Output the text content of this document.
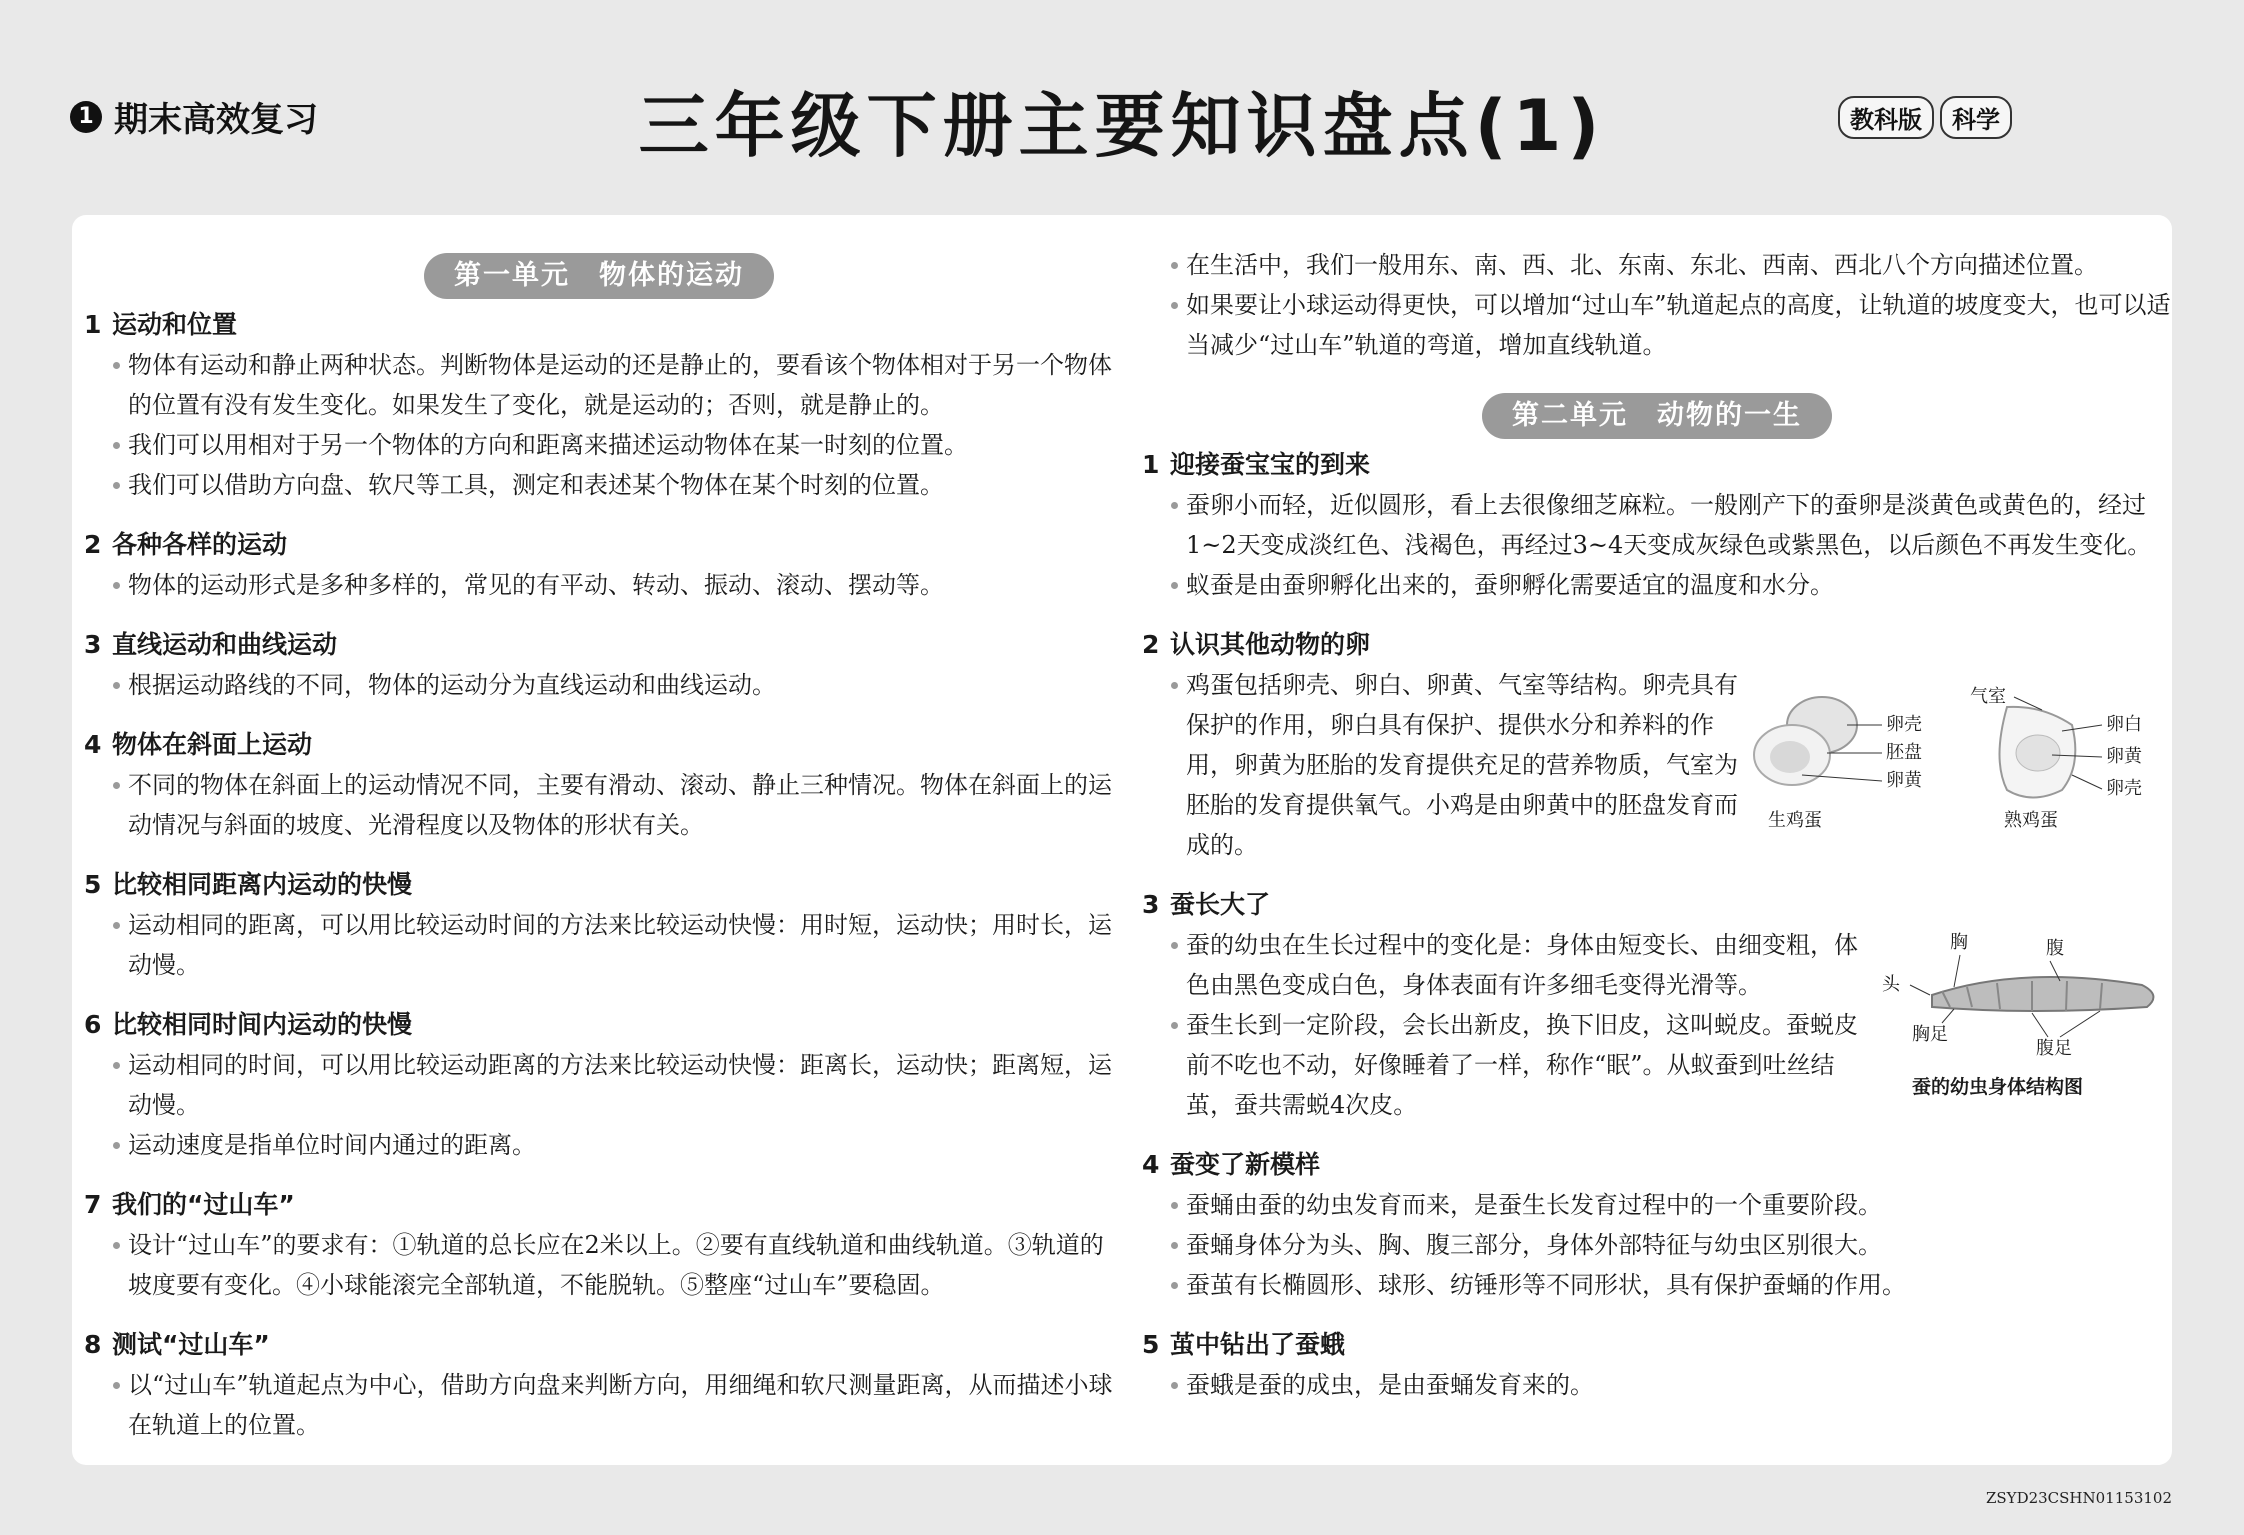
1 期末高效复习	三年级下册主要知识盘点(1)	教科版	科学
第一单元　物体的运动
1 运动和位置
物体有运动和静止两种状态。判断物体是运动的还是静止的，要看该个物体相对于另一个物体的位置有没有发生变化。如果发生了变化，就是运动的；否则，就是静止的。
我们可以用相对于另一个物体的方向和距离来描述运动物体在某一时刻的位置。
我们可以借助方向盘、软尺等工具，测定和表述某个物体在某个时刻的位置。
2 各种各样的运动
物体的运动形式是多种多样的，常见的有平动、转动、振动、滚动、摆动等。
3 直线运动和曲线运动
根据运动路线的不同，物体的运动分为直线运动和曲线运动。
4 物体在斜面上运动
不同的物体在斜面上的运动情况不同，主要有滑动、滚动、静止三种情况。物体在斜面上的运动情况与斜面的坡度、光滑程度以及物体的形状有关。
5 比较相同距离内运动的快慢
运动相同的距离，可以用比较运动时间的方法来比较运动快慢：用时短，运动快；用时长，运动慢。
6 比较相同时间内运动的快慢
运动相同的时间，可以用比较运动距离的方法来比较运动快慢：距离长，运动快；距离短，运动慢。
运动速度是指单位时间内通过的距离。
7 我们的“过山车”
设计“过山车”的要求有：①轨道的总长应在2米以上。②要有直线轨道和曲线轨道。③轨道的坡度要有变化。④小球能滚完全部轨道，不能脱轨。⑤整座“过山车”要稳固。
8 测试“过山车”
以“过山车”轨道起点为中心，借助方向盘来判断方向，用细绳和软尺测量距离，从而描述小球在轨道上的位置。
在生活中，我们一般用东、南、西、北、东南、东北、西南、西北八个方向描述位置。
如果要让小球运动得更快，可以增加“过山车”轨道起点的高度，让轨道的坡度变大，也可以适当减少“过山车”轨道的弯道，增加直线轨道。
第二单元　动物的一生
1 迎接蚕宝宝的到来
蚕卵小而轻，近似圆形，看上去很像细芝麻粒。一般刚产下的蚕卵是淡黄色或黄色的，经过1~2天变成淡红色、浅褐色，再经过3~4天变成灰绿色或紫黑色，以后颜色不再发生变化。
蚁蚕是由蚕卵孵化出来的，蚕卵孵化需要适宜的温度和水分。
2 认识其他动物的卵
鸡蛋包括卵壳、卵白、卵黄、气室等结构。卵壳具有保护的作用，卵白具有保护、提供水分和养料的作用，卵黄为胚胎的发育提供充足的营养物质，气室为胚胎的发育提供氧气。小鸡是由卵黄中的胚盘发育而成的。
卵壳
胚盘
卵黄
生鸡蛋
气室
卵白
卵黄
卵壳
熟鸡蛋
3 蚕长大了
蚕的幼虫在生长过程中的变化是：身体由短变长、由细变粗，体色由黑色变成白色，身体表面有许多细毛变得光滑等。
蚕生长到一定阶段，会长出新皮，换下旧皮，这叫蜕皮。蚕蜕皮前不吃也不动，好像睡着了一样，称作“眠”。从蚁蚕到吐丝结茧，蚕共需蜕4次皮。
头
胸	腹
胸足
腹足
蚕的幼虫身体结构图
4 蚕变了新模样
蚕蛹由蚕的幼虫发育而来，是蚕生长发育过程中的一个重要阶段。
蚕蛹身体分为头、胸、腹三部分，身体外部特征与幼虫区别很大。
蚕茧有长椭圆形、球形、纺锤形等不同形状，具有保护蚕蛹的作用。
5 茧中钻出了蚕蛾
蚕蛾是蚕的成虫，是由蚕蛹发育来的。
ZSYD23CSHN01153102
